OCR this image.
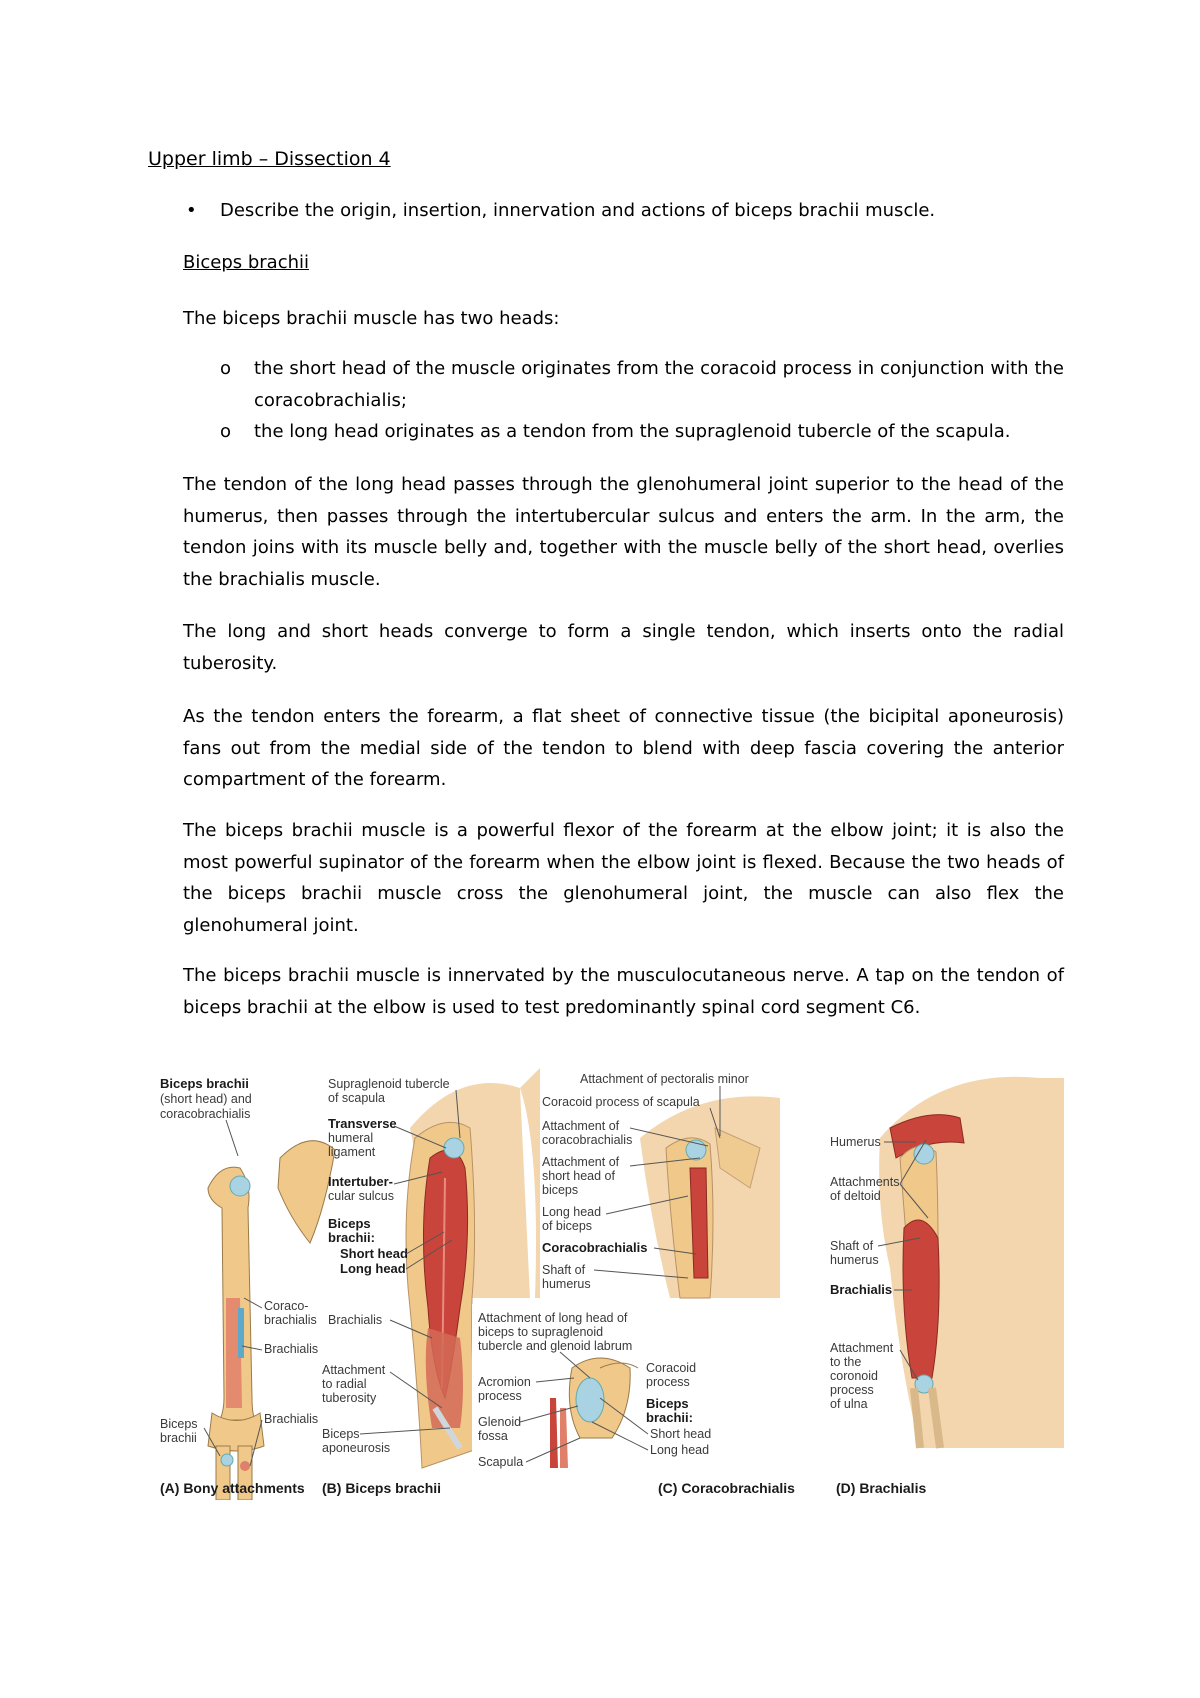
Upper limb – Dissection 4
•	Describe the origin, insertion, innervation and actions of biceps brachii muscle.
Biceps brachii
The biceps brachii muscle has two heads:
o the short head of the muscle originates from the coracoid process in conjunction with the coracobrachialis;
o the long head originates as a tendon from the supraglenoid tubercle of the scapula.
The tendon of the long head passes through the glenohumeral joint superior to the head of the humerus, then passes through the intertubercular sulcus and enters the arm. In the arm, the tendon joins with its muscle belly and, together with the muscle belly of the short head, overlies the brachialis muscle.
The long and short heads converge to form a single tendon, which inserts onto the radial tuberosity.
As the tendon enters the forearm, a flat sheet of connective tissue (the bicipital aponeurosis) fans out from the medial side of the tendon to blend with deep fascia covering the anterior compartment of the forearm.
The biceps brachii muscle is a powerful flexor of the forearm at the elbow joint; it is also the most powerful supinator of the forearm when the elbow joint is flexed. Because the two heads of the biceps brachii muscle cross the glenohumeral joint, the muscle can also flex the glenohumeral joint.
The biceps brachii muscle is innervated by the musculocutaneous nerve. A tap on the tendon of biceps brachii at the elbow is used to test predominantly spinal cord segment C6.
Biceps brachii
(short head) and
coracobrachialis
Coraco-
brachialis
Brachialis
Brachialis
Biceps
brachii
(A) Bony attachments
Supraglenoid tubercle
of scapula
Transverse
humeral
ligament
Intertuber-
cular sulcus
Biceps
brachii:
Short head
Long head
Brachialis
Attachment
to radial
tuberosity
Biceps
aponeurosis
(B) Biceps brachii
Attachment of pectoralis minor
Coracoid process of scapula
Attachment of
coracobrachialis
Attachment of
short head of
biceps
Long head
of biceps
Coracobrachialis
Shaft of
humerus
(C) Coracobrachialis
Attachment of long head of
biceps to supraglenoid
tubercle and glenoid labrum
Acromion
process
Glenoid
fossa
Scapula
Coracoid
process
Biceps
brachii:
Short head
Long head
Humerus
Attachments
of deltoid
Shaft of
humerus
Brachialis
Attachment
to the
coronoid
process
of ulna
(D) Brachialis
